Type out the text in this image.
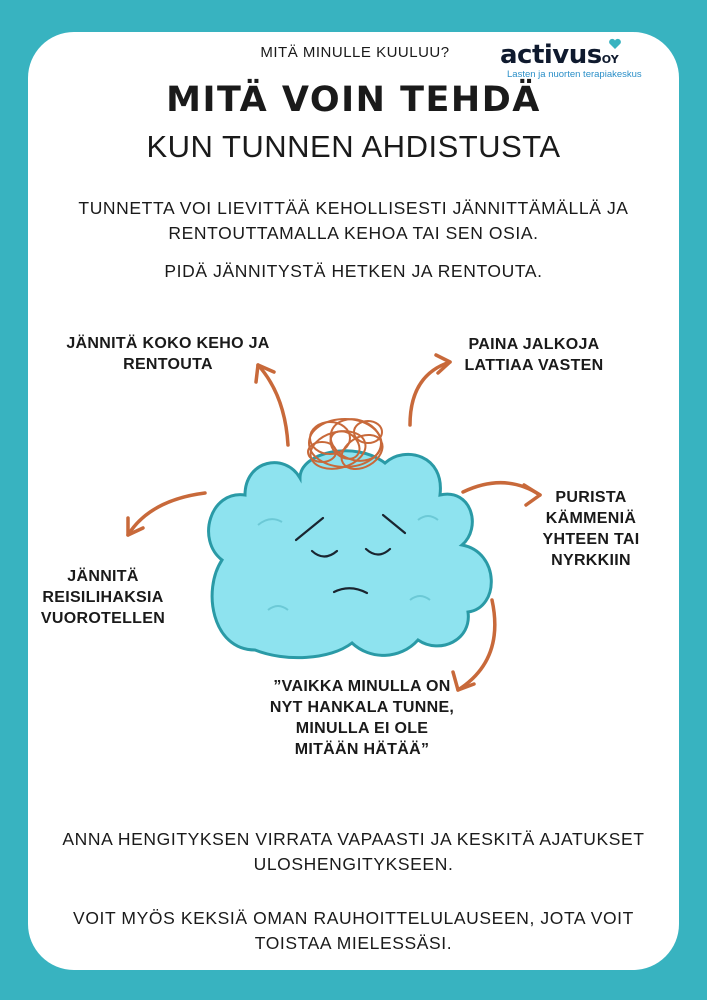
MITÄ MINULLE KUULUU?	activusOY
Lasten ja nuorten terapiakeskus
MITÄ VOIN TEHDÄ
KUN TUNNEN AHDISTUSTA
TUNNETTA VOI LIEVITTÄÄ KEHOLLISESTI JÄNNITTÄMÄLLÄ JA RENTOUTTAMALLA KEHOA TAI SEN OSIA.
PIDÄ JÄNNITYSTÄ HETKEN JA RENTOUTA.
JÄNNITÄ KOKO KEHO JA RENTOUTA
PAINA JALKOJA LATTIAA VASTEN
PURISTA KÄMMENIÄ YHTEEN TAI NYRKKIIN
JÄNNITÄ REISILIHAKSIA VUOROTELLEN
”VAIKKA MINULLA ON NYT HANKALA TUNNE, MINULLA EI OLE MITÄÄN HÄTÄÄ”
ANNA HENGITYKSEN VIRRATA VAPAASTI JA KESKITÄ AJATUKSET ULOSHENGITYKSEEN.
VOIT MYÖS KEKSIÄ OMAN RAUHOITTELULAUSEEN, JOTA VOIT TOISTAA MIELESSÄSI.
